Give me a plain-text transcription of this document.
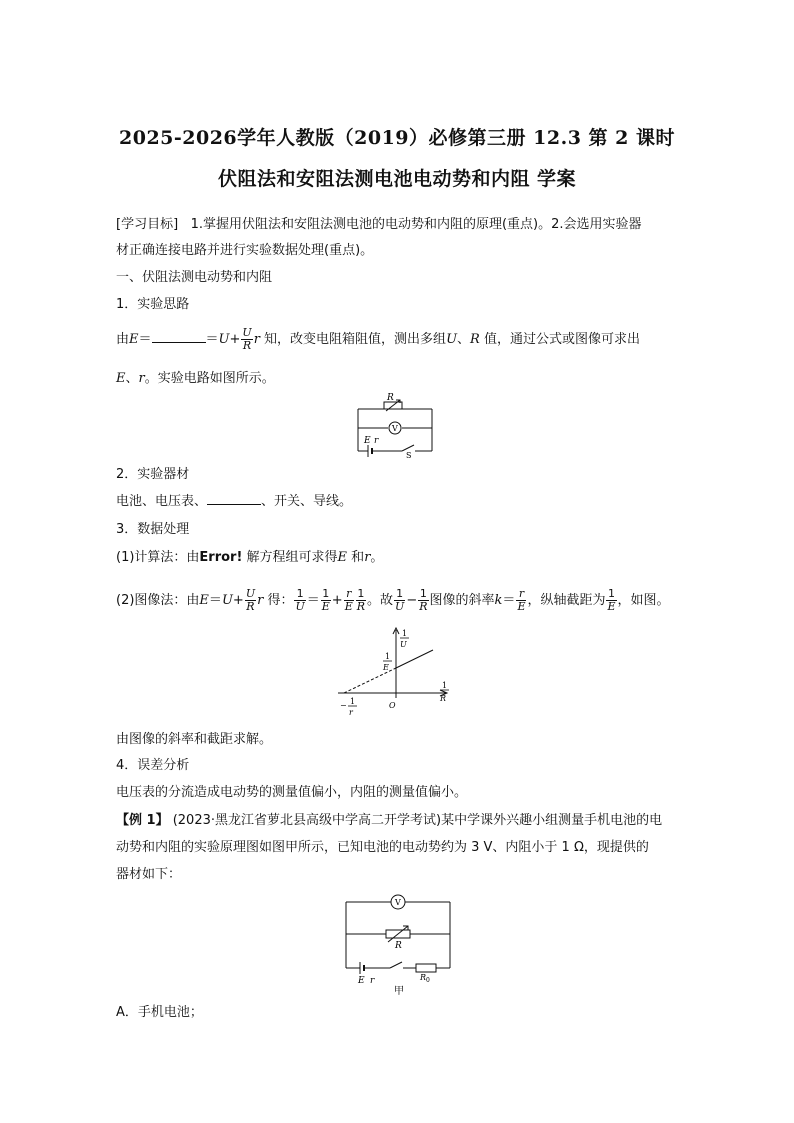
2025-2026学年人教版（2019）必修第三册 12.3 第 2 课时
伏阻法和安阻法测电池电动势和内阻 学案
[学习目标] 1.掌握用伏阻法和安阻法测电池的电动势和内阻的原理(重点)。2.会选用实验器
材正确连接电路并进行实验数据处理(重点)。
一、伏阻法测电动势和内阻
1．实验思路
由E＝	$=U+ \frac{U}{R}$ r 知，改变电阻箱阻值，测出多组U、R 值，通过公式或图像可求出
E、r。实验电路如图所示。
R
V
E r
S
2．实验器材
电池、电压表、	、开关、导线。
3．数据处理
(1)计算法：由Error! 解方程组可求得E 和r。
(2)图像法：由$E=U+ \frac{U}{R}$ r 得： $\frac{1}{U} = \frac{1}{E} + \frac{r}{E} \frac{1}{R}$ 。故 $\frac{1}{U} - \frac{1}{R}$ 图像的斜率$k= \frac{r}{E}$ ，纵轴截距为 $\frac{1}{E}$ ，如图。
1
U
1
R
1
E
− 1
r
O
由图像的斜率和截距求解。
4．误差分析
电压表的分流造成电动势的测量值偏小，内阻的测量值偏小。
【例 1】 (2023·黑龙江省萝北县高级中学高二开学考试)某中学课外兴趣小组测量手机电池的电
动势和内阻的实验原理图如图甲所示，已知电池的电动势约为 3 V、内阻小于 1 Ω，现提供的
器材如下：
V
R
E r	R 0
甲
A．手机电池；
